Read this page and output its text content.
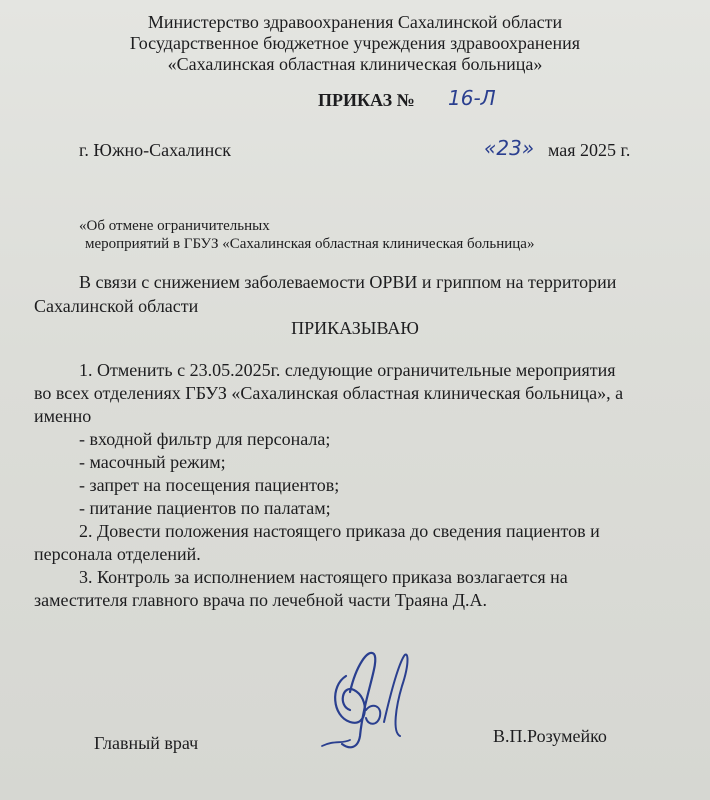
Министерство здравоохранения Сахалинской области
Государственное бюджетное учреждения здравоохранения
«Сахалинская областная клиническая больница»
ПРИКАЗ № 16-Л
г. Южно-Сахалинск	«23» мая 2025 г.
«Об отмене ограничительных
мероприятий в ГБУЗ «Сахалинская областная клиническая больница»
В связи с снижением заболеваемости ОРВИ и гриппом на территории
Сахалинской области
ПРИКАЗЫВАЮ
1. Отменить с 23.05.2025г. следующие ограничительные мероприятия
во всех отделениях ГБУЗ «Сахалинская областная клиническая больница», а
именно
- входной фильтр для персонала;
- масочный режим;
- запрет на посещения пациентов;
- питание пациентов по палатам;
2. Довести положения настоящего приказа до сведения пациентов и
персонала отделений.
3. Контроль за исполнением настоящего приказа возлагается на
заместителя главного врача по лечебной части Траяна Д.А.
Главный врач	В.П.Розумейко
